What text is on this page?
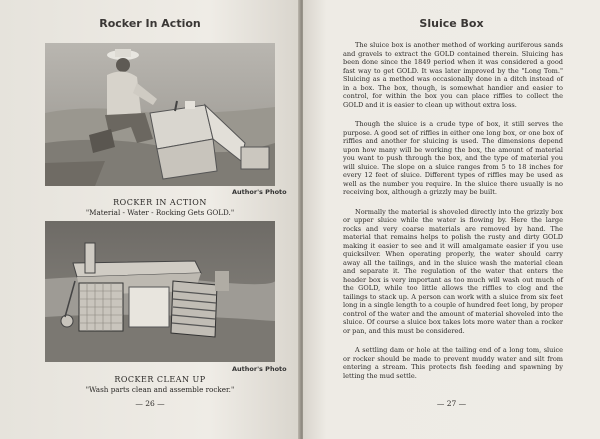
Rocker In Action
Author's Photo
ROCKER IN ACTION
"Material - Water - Rocking Gets GOLD."
Author's Photo
ROCKER CLEAN UP
"Wash parts clean and assemble rocker."
— 26 —
Sluice Box

The sluice box is another method of working auriferous sands and gravels to extract the GOLD contained therein. Sluicing has been done since the 1849 period when it was considered a good fast way to get GOLD. It was later improved by the "Long Tom." Sluicing as a method was occasionally done in a ditch instead of in a box. The box, though, is somewhat handier and easier to control, for within the box you can place riffles to collect the GOLD and it is easier to clean up without extra loss.

Though the sluice is a crude type of box, it still serves the purpose. A good set of riffles in either one long box, or one box of riffles and another for sluicing is used. The dimensions depend upon how many will be working the box, the amount of material you want to push through the box, and the type of material you will sluice. The slope on a sluice ranges from 5 to 18 inches for every 12 feet of sluice. Different types of riffles may be used as well as the number you require. In the sluice there usually is no receiving box, although a grizzly may be built.

Normally the material is shoveled directly into the grizzly box or upper sluice while the water is flowing by. Here the large rocks and very coarse materials are removed by hand. The material that remains helps to polish the rusty and dirty GOLD making it easier to see and it will amalgamate easier if you use quicksilver. When operating properly, the water should carry away all the tailings, and in the sluice wash the material clean and separate it. The regulation of the water that enters the header box is very important as too much will wash out much of the GOLD, while too little allows the riffles to clog and the tailings to stack up. A person can work with a sluice from six feet long in a single length to a couple of hundred feet long, by proper control of the water and the amount of material shoveled into the sluice. Of course a sluice box takes lots more water than a rocker or pan, and this must be considered.

A settling dam or hole at the tailing end of a long tom, sluice or rocker should be made to prevent muddy water and silt from entering a stream. This protects fish feeding and spawning by letting the mud settle.

— 27 —
